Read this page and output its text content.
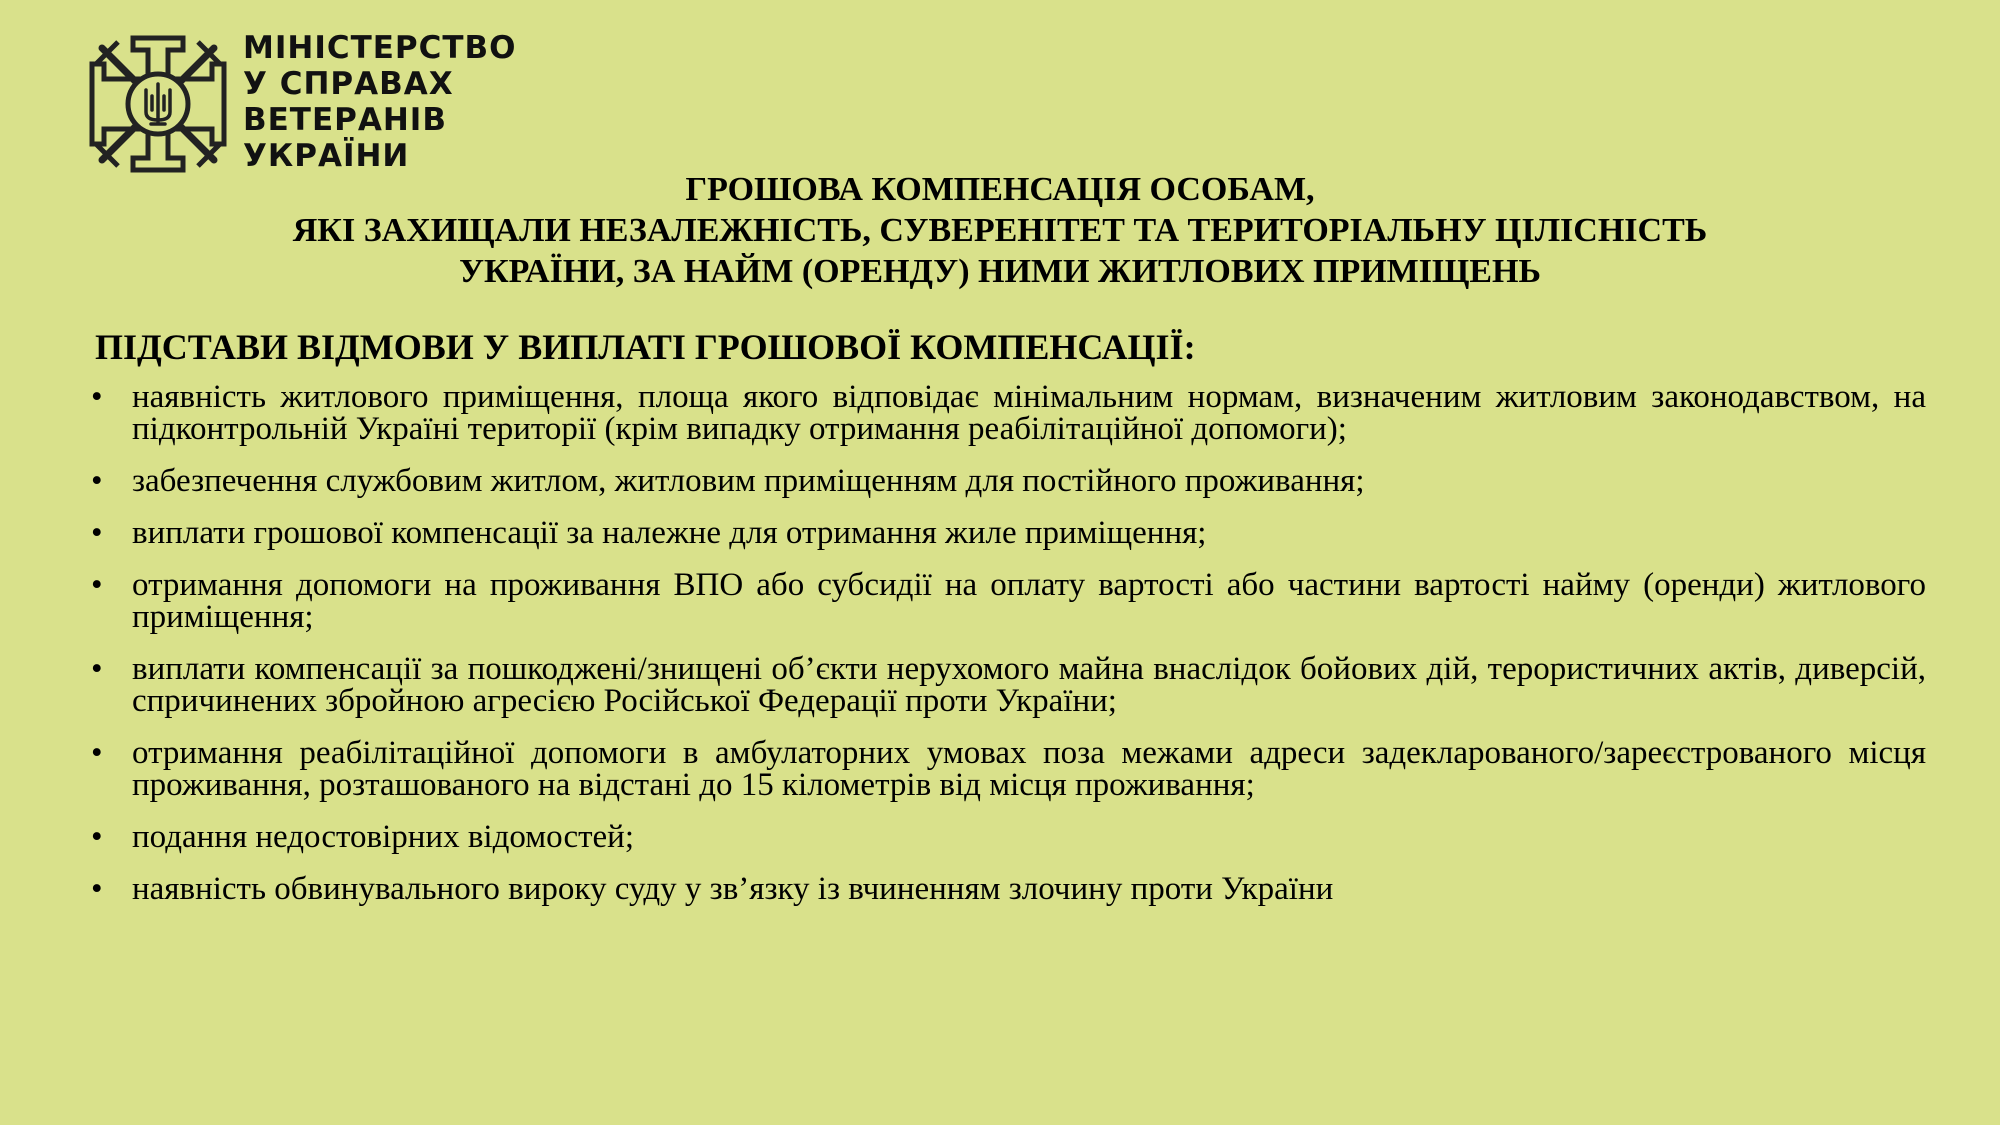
МІНІСТЕРСТВО
У СПРАВАХ
ВЕТЕРАНІВ
УКРАЇНИ
ГРОШОВА КОМПЕНСАЦІЯ ОСОБАМ,
ЯКІ ЗАХИЩАЛИ НЕЗАЛЕЖНІСТЬ, СУВЕРЕНІТЕТ ТА ТЕРИТОРІАЛЬНУ ЦІЛІСНІСТЬ
УКРАЇНИ, ЗА НАЙМ (ОРЕНДУ) НИМИ ЖИТЛОВИХ ПРИМІЩЕНЬ
ПІДСТАВИ ВІДМОВИ У ВИПЛАТІ ГРОШОВОЇ КОМПЕНСАЦІЇ:
• наявність житлового приміщення, площа якого відповідає мінімальним нормам, визначеним житловим законодавством, на підконтрольній Україні території (крім випадку отримання реабілітаційної допомоги);
• забезпечення службовим житлом, житловим приміщенням для постійного проживання;
• виплати грошової компенсації за належне для отримання жиле приміщення;
• отримання допомоги на проживання ВПО або субсидії на оплату вартості або частини вартості найму (оренди) житлового приміщення;
• виплати компенсації за пошкоджені/знищені об’єкти нерухомого майна внаслідок бойових дій, терористичних актів, диверсій, спричинених збройною агресією Російської Федерації проти України;
• отримання реабілітаційної допомоги в амбулаторних умовах поза межами адреси задекларованого/зареєстрованого місця проживання, розташованого на відстані до 15 кілометрів від місця проживання;
• подання недостовірних відомостей;
• наявність обвинувального вироку суду у зв’язку із вчиненням злочину проти України
